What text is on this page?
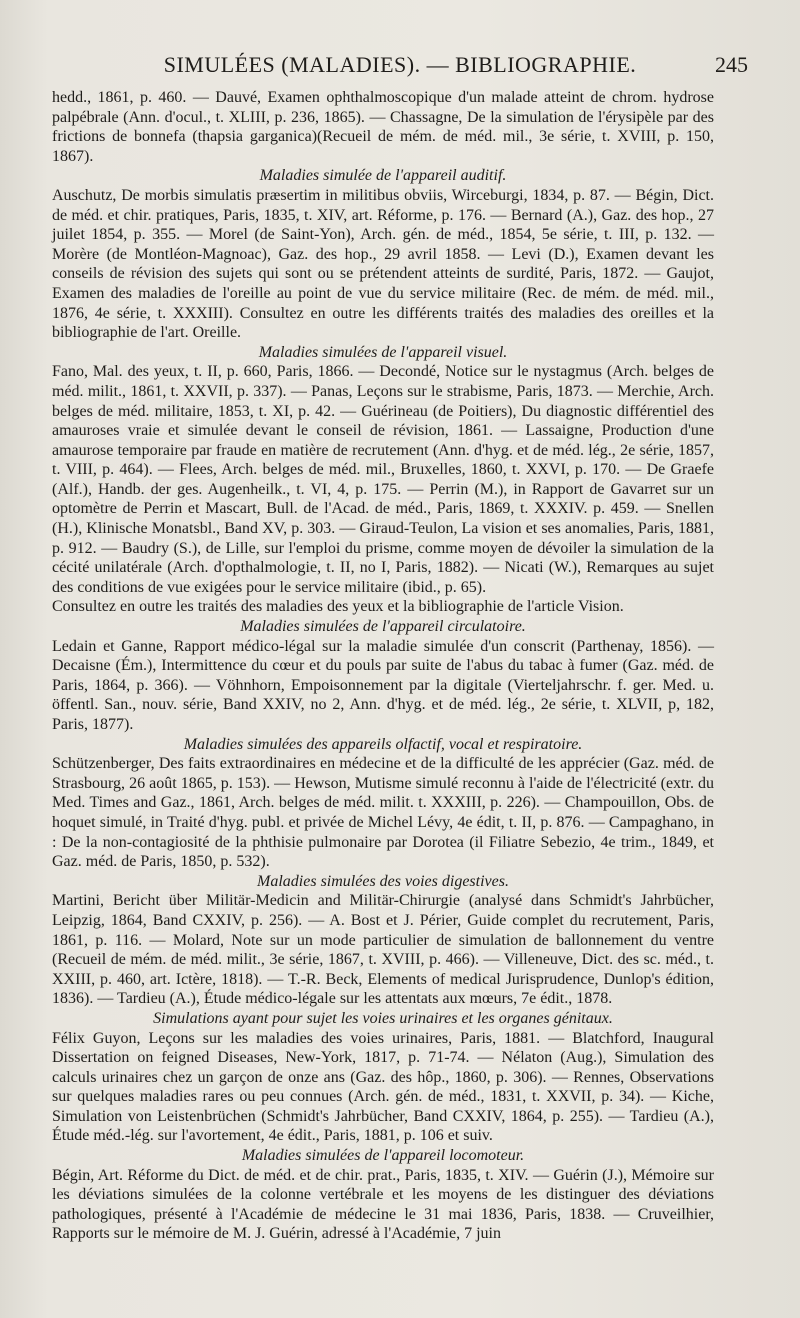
SIMULÉES (MALADIES). — BIBLIOGRAPHIE.	245

hedd., 1861, p. 460. — Dauvé, Examen ophthalmoscopique d'un malade atteint de chrom. hydrose palpébrale (Ann. d'ocul., t. XLIII, p. 236, 1865). — Chassagne, De la simulation de l'érysipèle par des frictions de bonnefa (thapsia garganica)(Recueil de mém. de méd. mil., 3e série, t. XVIII, p. 150, 1867).

Maladies simulée de l'appareil auditif.

Auschutz, De morbis simulatis præsertim in militibus obviis, Wirceburgi, 1834, p. 87. — Bégin, Dict. de méd. et chir. pratiques, Paris, 1835, t. XIV, art. Réforme, p. 176. — Bernard (A.), Gaz. des hop., 27 juilet 1854, p. 355. — Morel (de Saint-Yon), Arch. gén. de méd., 1854, 5e série, t. III, p. 132. — Morère (de Montléon-Magnoac), Gaz. des hop., 29 avril 1858. — Levi (D.), Examen devant les conseils de révision des sujets qui sont ou se prétendent atteints de surdité, Paris, 1872. — Gaujot, Examen des maladies de l'oreille au point de vue du service militaire (Rec. de mém. de méd. mil., 1876, 4e série, t. XXXIII). Consultez en outre les différents traités des maladies des oreilles et la bibliographie de l'art. Oreille.

Maladies simulées de l'appareil visuel.

Fano, Mal. des yeux, t. II, p. 660, Paris, 1866. — Decondé, Notice sur le nystagmus (Arch. belges de méd. milit., 1861, t. XXVII, p. 337). — Panas, Leçons sur le strabisme, Paris, 1873. — Merchie, Arch. belges de méd. militaire, 1853, t. XI, p. 42. — Guérineau (de Poitiers), Du diagnostic différentiel des amauroses vraie et simulée devant le conseil de révision, 1861. — Lassaigne, Production d'une amaurose temporaire par fraude en matière de recrutement (Ann. d'hyg. et de méd. lég., 2e série, 1857, t. VIII, p. 464). — Flees, Arch. belges de méd. mil., Bruxelles, 1860, t. XXVI, p. 170. — De Graefe (Alf.), Handb. der ges. Augenheilk., t. VI, 4, p. 175. — Perrin (M.), in Rapport de Gavarret sur un optomètre de Perrin et Mascart, Bull. de l'Acad. de méd., Paris, 1869, t. XXXIV. p. 459. — Snellen (H.), Klinische Monatsbl., Band XV, p. 303. — Giraud-Teulon, La vision et ses anomalies, Paris, 1881, p. 912. — Baudry (S.), de Lille, sur l'emploi du prisme, comme moyen de dévoiler la simulation de la cécité unilatérale (Arch. d'opthalmologie, t. II, no I, Paris, 1882). — Nicati (W.), Remarques au sujet des conditions de vue exigées pour le service militaire (ibid., p. 65).

Consultez en outre les traités des maladies des yeux et la bibliographie de l'article Vision.

Maladies simulées de l'appareil circulatoire.

Ledain et Ganne, Rapport médico-légal sur la maladie simulée d'un conscrit (Parthenay, 1856). — Decaisne (Ém.), Intermittence du cœur et du pouls par suite de l'abus du tabac à fumer (Gaz. méd. de Paris, 1864, p. 366). — Vöhnhorn, Empoisonnement par la digitale (Vierteljahrschr. f. ger. Med. u. öffentl. San., nouv. série, Band XXIV, no 2, Ann. d'hyg. et de méd. lég., 2e série, t. XLVII, p, 182, Paris, 1877).

Maladies simulées des appareils olfactif, vocal et respiratoire.

Schützenberger, Des faits extraordinaires en médecine et de la difficulté de les apprécier (Gaz. méd. de Strasbourg, 26 août 1865, p. 153). — Hewson, Mutisme simulé reconnu à l'aide de l'électricité (extr. du Med. Times and Gaz., 1861, Arch. belges de méd. milit. t. XXXIII, p. 226). — Champouillon, Obs. de hoquet simulé, in Traité d'hyg. publ. et privée de Michel Lévy, 4e édit, t. II, p. 876. — Campaghano, in : De la non-contagiosité de la phthisie pulmonaire par Dorotea (il Filiatre Sebezio, 4e trim., 1849, et Gaz. méd. de Paris, 1850, p. 532).

Maladies simulées des voies digestives.

Martini, Bericht über Militär-Medicin and Militär-Chirurgie (analysé dans Schmidt's Jahrbücher, Leipzig, 1864, Band CXXIV, p. 256). — A. Bost et J. Périer, Guide complet du recrutement, Paris, 1861, p. 116. — Molard, Note sur un mode particulier de simulation de ballonnement du ventre (Recueil de mém. de méd. milit., 3e série, 1867, t. XVIII, p. 466). — Villeneuve, Dict. des sc. méd., t. XXIII, p. 460, art. Ictère, 1818). — T.-R. Beck, Elements of medical Jurisprudence, Dunlop's édition, 1836). — Tardieu (A.), Étude médico-légale sur les attentats aux mœurs, 7e édit., 1878.

Simulations ayant pour sujet les voies urinaires et les organes génitaux.

Félix Guyon, Leçons sur les maladies des voies urinaires, Paris, 1881. — Blatchford, Inaugural Dissertation on feigned Diseases, New-York, 1817, p. 71-74. — Nélaton (Aug.), Simulation des calculs urinaires chez un garçon de onze ans (Gaz. des hôp., 1860, p. 306). — Rennes, Observations sur quelques maladies rares ou peu connues (Arch. gén. de méd., 1831, t. XXVII, p. 34). — Kiche, Simulation von Leistenbrüchen (Schmidt's Jahrbücher, Band CXXIV, 1864, p. 255). — Tardieu (A.), Étude méd.-lég. sur l'avortement, 4e édit., Paris, 1881, p. 106 et suiv.

Maladies simulées de l'appareil locomoteur.

Bégin, Art. Réforme du Dict. de méd. et de chir. prat., Paris, 1835, t. XIV. — Guérin (J.), Mémoire sur les déviations simulées de la colonne vertébrale et les moyens de les distinguer des déviations pathologiques, présenté à l'Académie de médecine le 31 mai 1836, Paris, 1838. — Cruveilhier, Rapports sur le mémoire de M. J. Guérin, adressé à l'Académie, 7 juin
